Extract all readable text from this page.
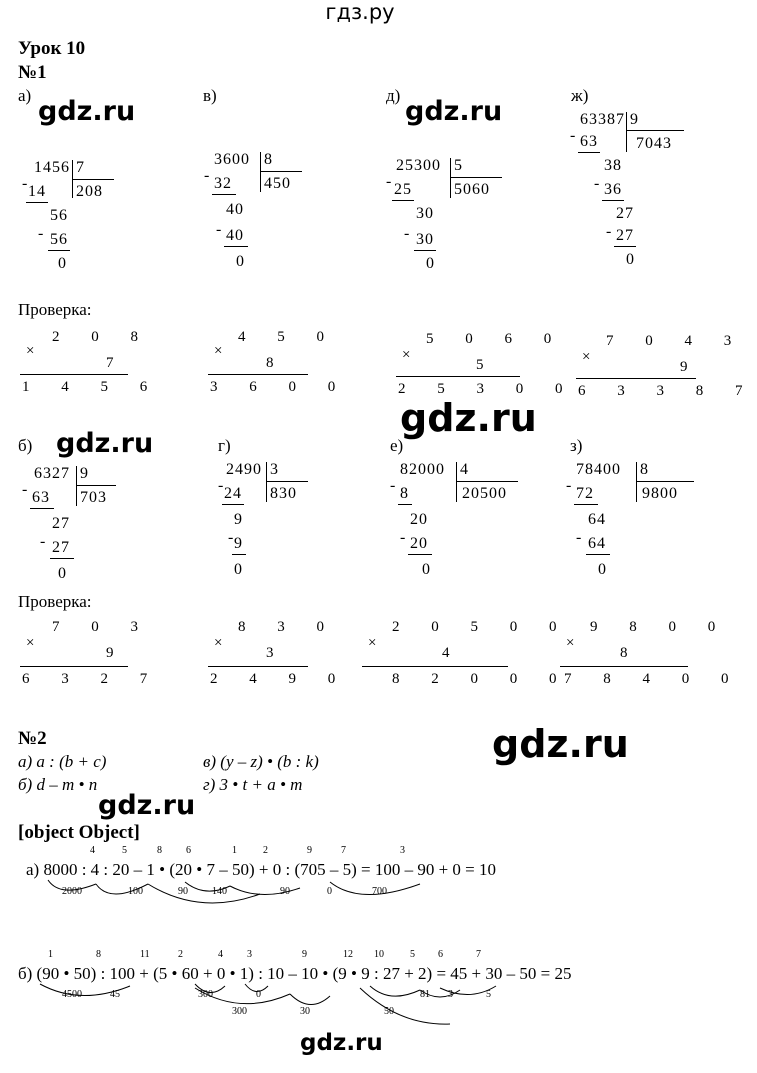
гдз.ру
Урок 10
№1
а)	в)	д)	ж)
gdz.ru	gdz.ru
gdz.ru
gdz.ru
gdz.ru
gdz.ru
gdz.ru
1456 7
208
- 14
56
- 56
0
3600 8
450
- 32
40
- 40
0
25300 5
5060
- 25
30
- 30
0
63387 9
7043
- 63
38
- 36
27
- 27
0
Проверка:
×
2 0 8
7
1 4 5 6
×
4 5 0
8
3 6 0 0
×
5 0 6 0
5
2 5 3 0 0
×
7 0 4 3
9
6 3 3 8 7
б)	г)	е)	з)
6327 9
703
- 63
27
- 27
0
2490 3
830
- 24
9
- 9
0
82000 4
20500
- 8
20
- 20
0
78400 8
9800
- 72
64
- 64
0
Проверка:
×
7 0 3
9
6 3 2 7
×
8 3 0
3
2 4 9 0
×
2 0 5 0 0
4
8 2 0 0 0
×
9 8 0 0
8
7 8 4 0 0
№2
а) a : (b + c)
б) d – m • n
в) (y – z) • (b : k)
г) 3 • t + a • m
[object Object]
4	5	8 6	1	2	9	7	3
а) 8000 : 4 : 20 – 1 • (20 • 7 – 50) + 0 : (705 – 5) = 100 – 90 + 0 = 10
2000	100	90 140	90	0	700
1	8	11	2	4 3	9	12 10	5 6	7
б) (90 • 50) : 100 + (5 • 60 + 0 • 1) : 10 – 10 • (9 • 9 : 27 + 2) = 45 + 30 – 50 = 25
4500	45	300	0
300	30
81 3	5
50
